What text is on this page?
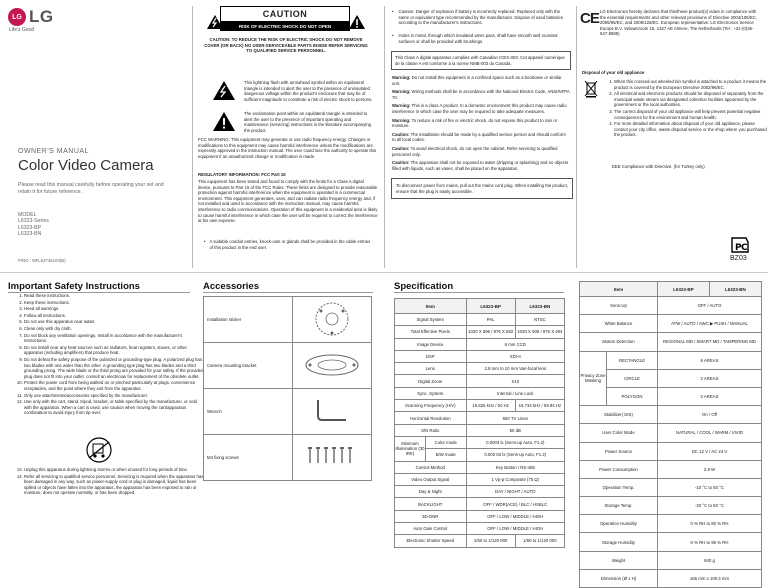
LG LG
Life's Good
OWNER'S MANUAL
Color Video Camera
Please read this manual carefully before operating your set and retain it for future reference.
MODEL
L6323-Series
L6323-BP
L6323-BN
P/NO : MFL63745103(B)
CAUTION
RISK OF ELECTRIC SHOCK DO NOT OPEN
CAUTION: TO REDUCE THE RISK OF ELECTRIC SHOCK DO NOT REMOVE COVER (OR BACK) NO USER-SERVICEABLE PARTS INSIDE REFER SERVICING TO QUALIFIED SERVICE PERSONNEL.
This lightning flash with arrowhead symbol within an equilateral triangle is intended to alert the user to the presence of uninsulated dangerous voltage within the product's enclosure that may be of sufficient magnitude to constitute a risk of electric shock to persons.
The exclamation point within an equilateral triangle is intended to alert the user to the presence of important operating and maintenance (servicing) instructions in the literature accompanying the product.
FCC WARNING: This equipment may generate or use radio frequency energy. Changes or modifications to this equipment may cause harmful interference unless the modifications are expressly approved in the instruction manual. The user could lose the authority to operate this equipment if an unauthorized change or modification is made.
REGULATORY INFORMATION: FCC Part 15
This equipment has been tested and found to comply with the limits for a Class A digital device, pursuant to Part 15 of the FCC Rules. These limits are designed to provide reasonable protection against harmful interference when the equipment is operated in a commercial environment. This equipment generates, uses, and can radiate radio frequency energy and, if not installed and used in accordance with the instruction manual, may cause harmful interference to radio communications. Operation of this equipment in a residential area is likely to cause harmful interference in which case the user will be required to correct the interference at his own expense.
• A suitable conduit entries, knock-outs or glands shall be provided in the cable entries of this product in the end user.
• Caution: Danger of explosion if battery is incorrectly replaced. Replaced only with the same or equivalent type recommended by the manufacturer. Dispose of used batteries according to the manufacturer's instructions.
• Holes in metal, through which insulated wires pass, shall have smooth well rounded surfaces or shall be provided with brushings.
This Class A digital apparatus complies with Canadian ICES-003. Cet appareil numérique de la classe A est conforme à la norme NMB-003 du Canada.

Warning: Do not install this equipment in a confined space such as a bookcase or similar unit.

Warning: Wiring methods shall be in accordance with the National Electric Code, ANSI/NFPA 70.

Warning: This is a class A product. In a domestic environment this product may cause radio interference in which case the user may be required to take adequate measures.

Warning: To reduce a risk of fire or electric shock, do not expose this product to rain or moisture.

Caution: The installation should be made by a qualified service person and should conform to all local codes.

Caution: To avoid electrical shock, do not open the cabinet. Refer servicing to qualified personnel only.

Caution: The apparatus shall not be exposed to water (dripping or splashing) and no objects filled with liquids, such as vases, shall be placed on the apparatus.

To disconnect power from mains, pull out the mains cord plug. When installing the product, ensure that the plug is easily accessible.
CE LG Electronics hereby declares that this/these product(s) is/are in compliance with the essential requirements and other relevant provisions of Directive 2004/108/EC, 2006/95/EC, and 2009/125/EC. European representative: LG Electronics Service Europe B.V. Veluwezoom 15, 1327 AE Almere, The Netherlands (Tel : +31-(0)36-547-8888)
Disposal of your old appliance
1. When this crossed-out wheeled bin symbol is attached to a product it means the product is covered by the European Directive 2002/96/EC.
2. All electrical and electronic products should be disposed of separately from the municipal waste stream via designated collection facilities appointed by the government or the local authorities.
3. The correct disposal of your old appliance will help prevent potential negative consequences for the environment and human health.
4. For more detailed information about disposal of your old appliance, please contact your city office, waste disposal service or the shop where you purchased the product.
EEE Compliance with Directive. (for Turkey only)
Р С
BZ03
Important Safety Instructions
1. Read these instructions.
2. Keep these instructions.
3. Heed all warnings.
4. Follow all instructions.
5. Do not use this apparatus near water.
6. Clean only with dry cloth.
7. Do not block any ventilation openings. Install in accordance with the manufacturer's instructions.
8. Do not install near any heat sources such as radiators, heat registers, stoves, or other apparatus (including amplifiers) that produce heat.
9. Do not defeat the safety purpose of the polarized or grounding-type plug. A polarized plug has two blades with one wider than the other. A grounding type plug has two blades and a third grounding prong. The wide blade or the third prong are provided for your safety. If the provided plug does not fit into your outlet, consult an electrician for replacement of the obsolete outlet.
10. Protect the power cord from being walked on or pinched particularly at plugs, convenience receptacles, and the point where they exit from the apparatus.
11. Only use attachments/accessories specified by the manufacturer.
12. Use only with the cart, stand, tripod, bracket, or table specified by the manufacturer, or sold with the apparatus. When a cart is used, use caution when moving the cart/apparatus combination to avoid injury from tip-over.
13. Unplug this apparatus during lightning storms or when unused for long periods of time.
14. Refer all servicing to qualified service personnel. Servicing is required when the apparatus has been damaged in any way, such as power-supply cord or plug is damaged, liquid has been spilled or objects have fallen into the apparatus, the apparatus has been exposed to rain or moisture, does not operate normally, or has been dropped.
Accessories
Installation sticker	
Camera mounting bracket	
Wrench	
M4 fixing screws	
Specification
Item		L6323-BP	L6323-BN
Signal System		PAL	NTSC
Total Effective Pixels		1020 X 596 / 976 X 582	1020 X 508 / 976 X 494
Image Device		6 mm CCD	
DSP		XDI-II	
Lens		2.8 mm to 10 mm Vari-focal lens	
Digital Zoom		X10	
Sync. System		Internal / Line Lock	
Scanning Frequency (H/V)		15.625 kHz / 50 Hz	15.734 kHz / 59.94 Hz
Horizontal Resolution		650 TV Lines	
S/N Ratio		50 dB	
Minimum Illumination (30 IRE)	Color mode	0.0003 lx (Sens-up Auto, F1.2)	
	B/W mode	0.000 03 lx (Sens-up Auto, F1.2)	
Control Method		Key Button / RS-485	
Video Output Signal		1 Vp-p Composite (75 Ω)	
Day & Night		DAY / NIGHT / AUTO	
BACKLIGHT		OFF / WDR(ACE) / BLC / HSBLC	
3D-DNR		OFF / LOW / MIDDLE / HIGH	
Auto Gain Control		OFF / LOW / MIDDLE / HIGH	
Electronic Shutter Speed		1/50 to 1/120 000	1/60 to 1/120 000
Item		L6323-BP	L6323-BN
Sens-Up		OFF / AUTO	
White Balance		ATW / AUTO / AWC ▶ PUSH / MANUAL	
Motion Detection		REGIONAL MD / SMART MD / TAMPERING MD	
Privacy Zone Masking	RECTANGLE	6 AREAS	
	CIRCLE	2 AREAS	
	POLYGON	2 AREAS	
Stabilizer( DIS)		On / Off	
User Color Mode		NATURAL / COOL / WARM / VIVID	
Power Source		DC 12 V / AC 24 V	
Power Consumption		2.8 W	
Operation Temp.		-10 °C to 50 °C	
Storage Temp.		-20 °C to 60 °C	
Operation Humidity		0 % RH to 80 % RH	
Storage Humidity		0 % RH to 95 % RH	
Weight		840 g	
Dimension (Ø x H)		165 mm x 100.3 mm	
